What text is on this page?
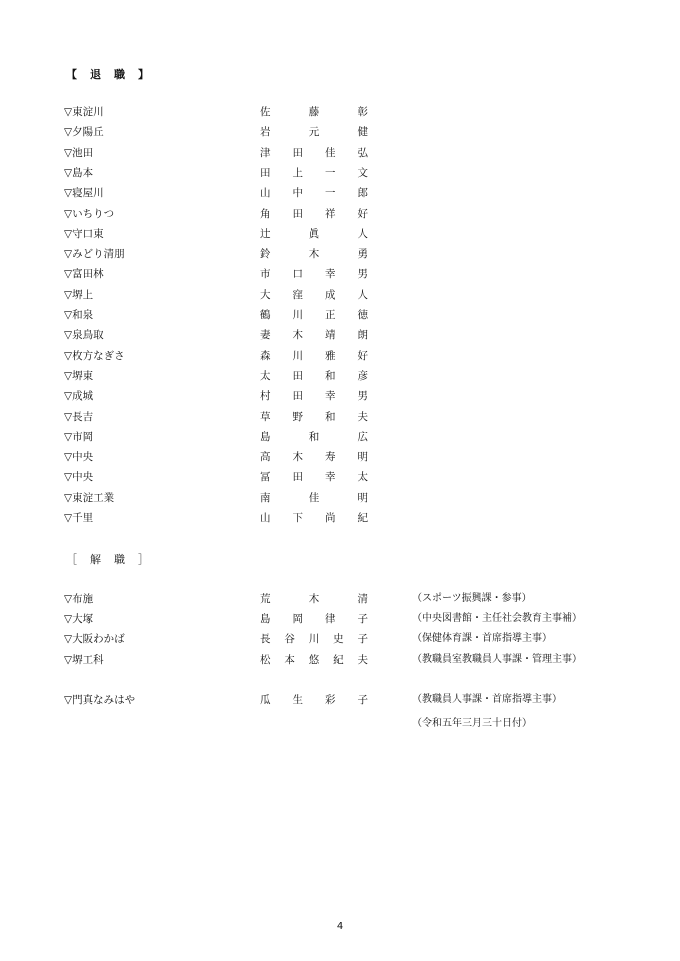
【　退　職　】
▽東淀川	佐	藤	彰
▽夕陽丘	岩	元	健
▽池田	津 田 佳 弘
▽島本	田 上 一 文
▽寝屋川	山 中 一 郎
▽いちりつ	角 田 祥 好
▽守口東	辻	眞	人
▽みどり清朋	鈴	木	勇
▽富田林	市 口 幸 男
▽堺上	大 窪 成 人
▽和泉	鶴 川 正 徳
▽泉鳥取	妻 木 靖 朗
▽枚方なぎさ	森 川 雅 好
▽堺東	太 田 和 彦
▽成城	村 田 幸 男
▽長吉	草 野 和 夫
▽市岡	島	和	広
▽中央	高 木 寿 明
▽中央	冨 田 幸 太
▽東淀工業	南	佳	明
▽千里	山 下 尚 紀
［　解　職　］
▽布施	荒	木	清	（スポーツ振興課・参事）
▽大塚	島 岡 律 子	（中央図書館・主任社会教育主事補）
▽大阪わかば	長 谷 川 史 子	（保健体育課・首席指導主事）
▽堺工科	松 本 悠 紀 夫	（教職員室教職員人事課・管理主事）
▽門真なみはや	瓜 生 彩 子	（教職員人事課・首席指導主事）
（令和五年三月三十日付）
4
